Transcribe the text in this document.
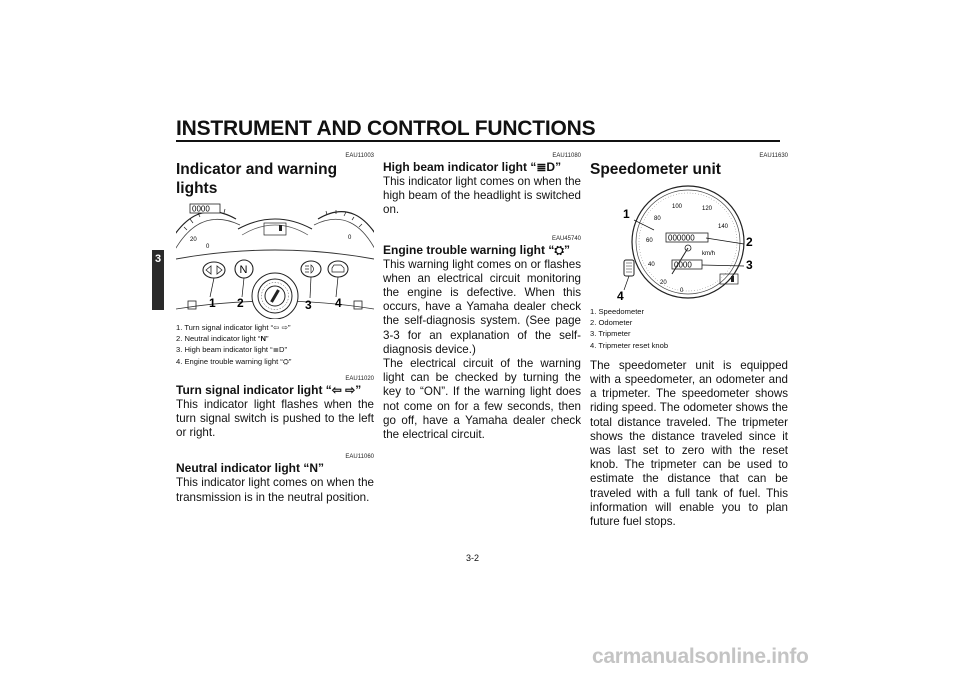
INSTRUMENT AND CONTROL FUNCTIONS
3
EAU11003
Indicator and warning lights
0000
20
0
0
N
1 2	3 4
1. Turn signal indicator light “⇦ ⇨”
2. Neutral indicator light “N”
3. High beam indicator light “≣D”
4. Engine trouble warning light “⛭”
EAU11020
Turn signal indicator light “⇦ ⇨”

This indicator light flashes when the turn signal switch is pushed to the left or right.

EAU11060
Neutral indicator light “N”

This indicator light comes on when the transmission is in the neutral position.

EAU11080
High beam indicator light “≣D”

This indicator light comes on when the high beam of the headlight is switched on.

EAU45740
Engine trouble warning light “⛭”

This warning light comes on or flashes when an electrical circuit monitoring the engine is defective. When this occurs, have a Yamaha dealer check the self-diagnosis system. (See page 3-3 for an explanation of the self-diagnosis device.)

The electrical circuit of the warning light can be checked by turning the key to “ON”. If the warning light does not come on for a few seconds, then go off, have a Yamaha dealer check the electrical circuit.

EAU11630
Speedometer unit
0
20
40
60
80
100	120
140
000000
0000
km/h
1
2
3
4
1. Speedometer
2. Odometer
3. Tripmeter
4. Tripmeter reset knob

The speedometer unit is equipped with a speedometer, an odometer and a tripmeter. The speedometer shows riding speed. The odometer shows the total distance traveled. The tripmeter shows the distance traveled since it was last set to zero with the reset knob. The tripmeter can be used to estimate the distance that can be traveled with a full tank of fuel. This information will enable you to plan future fuel stops.

3-2
carmanualsonline.info
